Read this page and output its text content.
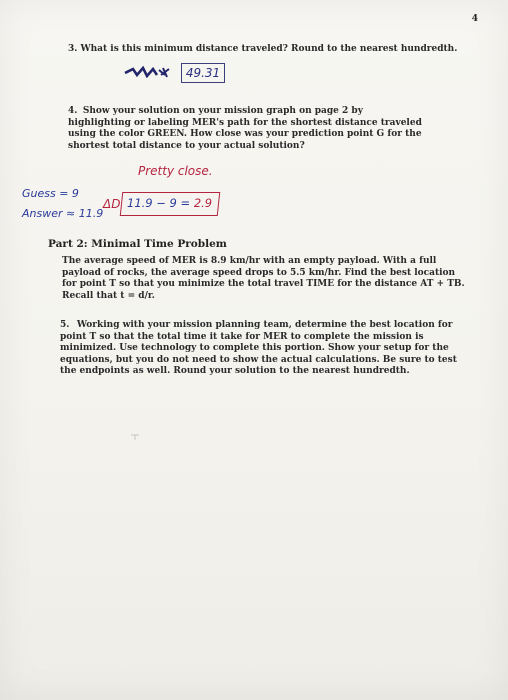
4
3. What is this minimum distance traveled? Round to the nearest hundredth.
49.31
4. Show your solution on your mission graph on page 2 by highlighting or labeling MER's path for the shortest distance traveled using the color GREEN. How close was your prediction point G for the shortest total distance to your actual solution?
Pretty close.
Guess = 9
Answer ≈ 11.9
ΔD 11.9 − 9 = 2.9
Part 2: Minimal Time Problem
The average speed of MER is 8.9 km/hr with an empty payload. With a full payload of rocks, the average speed drops to 5.5 km/hr. Find the best location for point T so that you minimize the total travel TIME for the distance AT + TB. Recall that t = d/r.
5. Working with your mission planning team, determine the best location for point T so that the total time it take for MER to complete the mission is minimized. Use technology to complete this portion. Show your setup for the equations, but you do not need to show the actual calculations. Be sure to test the endpoints as well. Round your solution to the nearest hundredth.
